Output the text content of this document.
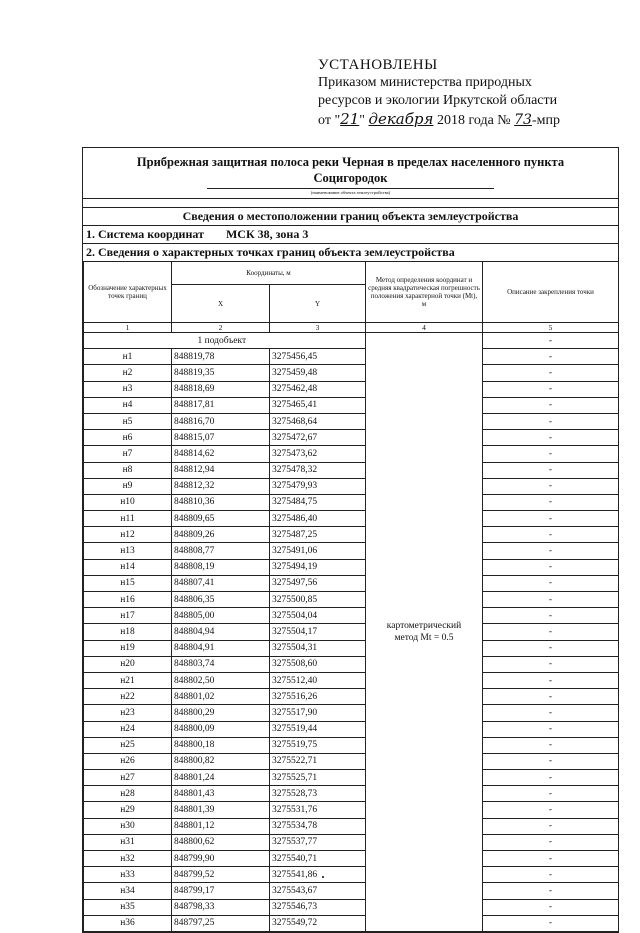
УСТАНОВЛЕНЫ
Приказом министерства природных
ресурсов и экологии Иркутской области
от "21" декабря 2018 года № 73-мпр
Прибрежная защитная полоса реки Черная в пределах населенного пункта
Социгородок
(наименование объекта землеустройства)
Сведения о местоположении границ объекта землеустройства
1. Система координат МСК 38, зона 3
2. Сведения о характерных точках границ объекта землеустройства
Обозначение характерных точек границ	Координаты, м		Метод определения координат и средняя квадратическая погрешность положения характерной точки (Мt), м	Описание закрепления точки
	X	Y		
1	2	3	4	5
	1 подобъект		картометрический
метод Mt = 0.5	-
н1	848819,78	3275456,45		-
н2	848819,35	3275459,48		-
н3	848818,69	3275462,48		-
н4	848817,81	3275465,41		-
н5	848816,70	3275468,64		-
н6	848815,07	3275472,67		-
н7	848814,62	3275473,62		-
н8	848812,94	3275478,32		-
н9	848812,32	3275479,93		-
н10	848810,36	3275484,75		-
н11	848809,65	3275486,40		-
н12	848809,26	3275487,25		-
н13	848808,77	3275491,06		-
н14	848808,19	3275494,19		-
н15	848807,41	3275497,56		-
н16	848806,35	3275500,85		-
н17	848805,00	3275504,04		-
н18	848804,94	3275504,17		-
н19	848804,91	3275504,31		-
н20	848803,74	3275508,60		-
н21	848802,50	3275512,40		-
н22	848801,02	3275516,26		-
н23	848800,29	3275517,90		-
н24	848800,09	3275519,44		-
н25	848800,18	3275519,75		-
н26	848800,82	3275522,71		-
н27	848801,24	3275525,71		-
н28	848801,43	3275528,73		-
н29	848801,39	3275531,76		-
н30	848801,12	3275534,78		-
н31	848800,62	3275537,77		-
н32	848799,90	3275540,71		-
н33	848799,52	3275541,86		-
н34	848799,17	3275543,67		-
н35	848798,33	3275546,73		-
н36	848797,25	3275549,72		-
